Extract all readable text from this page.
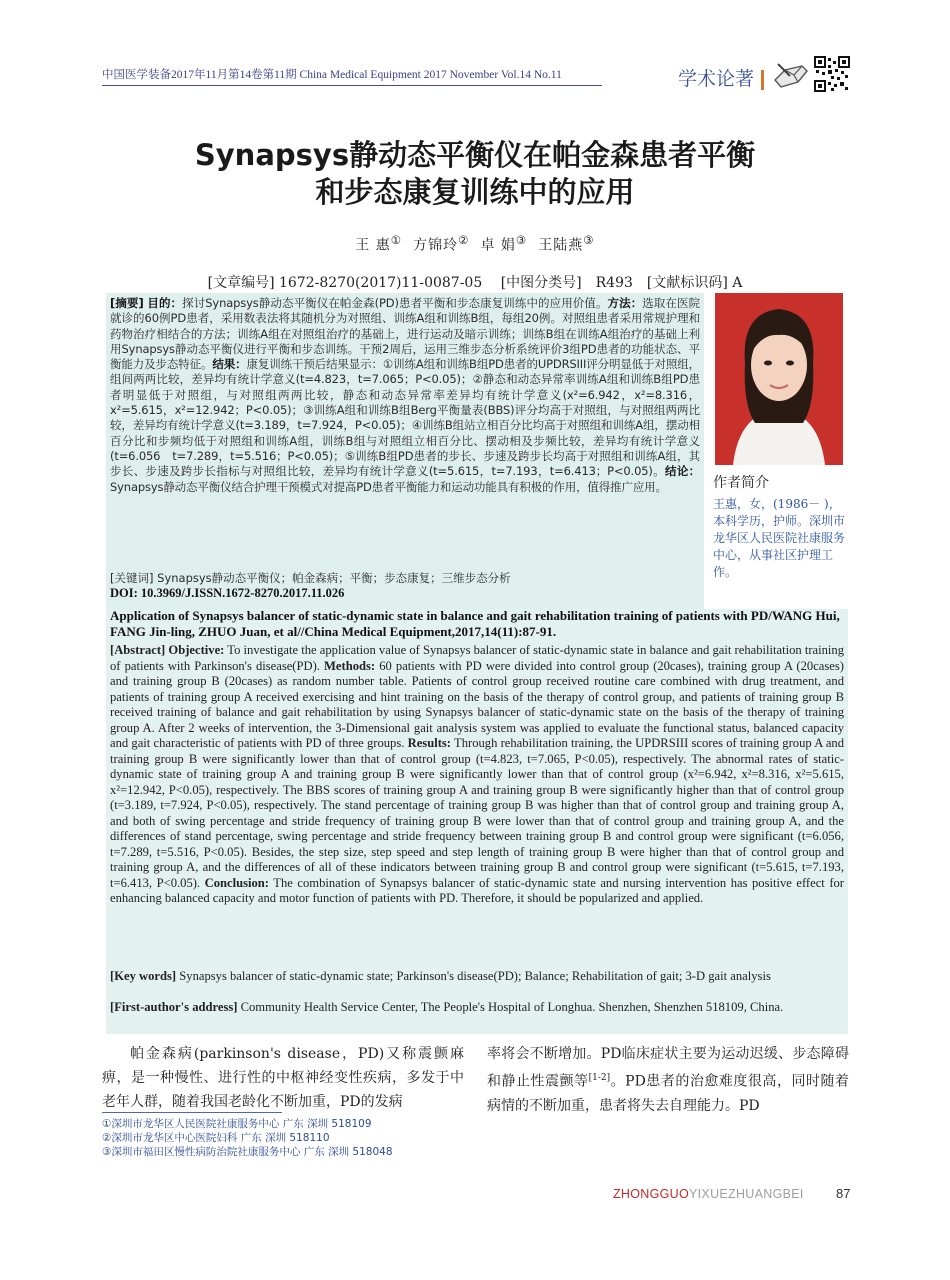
中国医学装备2017年11月第14卷第11期 China Medical Equipment 2017 November Vol.14 No.11	学术论著
Synapsys静动态平衡仪在帕金森患者平衡
和步态康复训练中的应用
王 惠① 方锦玲② 卓 娟③ 王陆燕③
[文章编号] 1672-8270(2017)11-0087-05　 [中图分类号]　R493　[文献标识码] A
[摘要] 目的：探讨Synapsys静动态平衡仪在帕金森(PD)患者平衡和步态康复训练中的应用价值。方法：选取在医院就诊的60例PD患者，采用数表法将其随机分为对照组、训练A组和训练B组，每组20例。对照组患者采用常规护理和药物治疗相结合的方法；训练A组在对照组治疗的基础上，进行运动及暗示训练；训练B组在训练A组治疗的基础上利用Synapsys静动态平衡仪进行平衡和步态训练。干预2周后，运用三维步态分析系统评价3组PD患者的功能状态、平衡能力及步态特征。结果：康复训练干预后结果显示：①训练A组和训练B组PD患者的UPDRSIII评分明显低于对照组，组间两两比较，差异均有统计学意义(t=4.823，t=7.065；P<0.05)；②静态和动态异常率训练A组和训练B组PD患者明显低于对照组，与对照组两两比较，静态和动态异常率差异均有统计学意义(x²=6.942，x²=8.316，x²=5.615，x²=12.942；P<0.05)；③训练A组和训练B组Berg平衡量表(BBS)评分均高于对照组，与对照组两两比较，差异均有统计学意义(t=3.189，t=7.924，P<0.05)；④训练B组站立相百分比均高于对照组和训练A组，摆动相百分比和步频均低于对照组和训练A组，训练B组与对照组立相百分比、摆动相及步频比较，差异均有统计学意义(t=6.056　t=7.289，t=5.516；P<0.05)；⑤训练B组PD患者的步长、步速及跨步长均高于对照组和训练A组，其步长、步速及跨步长指标与对照组比较，差异均有统计学意义(t=5.615，t=7.193，t=6.413；P<0.05)。结论：Synapsys静动态平衡仪结合护理干预模式对提高PD患者平衡能力和运动功能具有积极的作用，值得推广应用。
[关键词] Synapsys静动态平衡仪；帕金森病；平衡；步态康复；三维步态分析
DOI: 10.3969/J.ISSN.1672-8270.2017.11.026
作者简介
王惠，女，(1986－ )，本科学历，护师。深圳市龙华区人民医院社康服务中心，从事社区护理工作。
Application of Synapsys balancer of static-dynamic state in balance and gait rehabilitation training of patients with PD/WANG Hui, FANG Jin-ling, ZHUO Juan, et al//China Medical Equipment,2017,14(11):87-91.
[Abstract] Objective: To investigate the application value of Synapsys balancer of static-dynamic state in balance and gait rehabilitation training of patients with Parkinson's disease(PD). Methods: 60 patients with PD were divided into control group (20cases), training group A (20cases) and training group B (20cases) as random number table. Patients of control group received routine care combined with drug treatment, and patients of training group A received exercising and hint training on the basis of the therapy of control group, and patients of training group B received training of balance and gait rehabilitation by using Synapsys balancer of static-dynamic state on the basis of the therapy of training group A. After 2 weeks of intervention, the 3-Dimensional gait analysis system was applied to evaluate the functional status, balanced capacity and gait characteristic of patients with PD of three groups. Results: Through rehabilitation training, the UPDRSIII scores of training group A and training group B were significantly lower than that of control group (t=4.823, t=7.065, P<0.05), respectively. The abnormal rates of static-dynamic state of training group A and training group B were significantly lower than that of control group (x²=6.942, x²=8.316, x²=5.615, x²=12.942, P<0.05), respectively. The BBS scores of training group A and training group B were significantly higher than that of control group (t=3.189, t=7.924, P<0.05), respectively. The stand percentage of training group B was higher than that of control group and training group A, and both of swing percentage and stride frequency of training group B were lower than that of control group and training group A, and the differences of stand percentage, swing percentage and stride frequency between training group B and control group were significant (t=6.056, t=7.289, t=5.516, P<0.05). Besides, the step size, step speed and step length of training group B were higher than that of control group and training group A, and the differences of all of these indicators between training group B and control group were significant (t=5.615, t=7.193, t=6.413, P<0.05). Conclusion: The combination of Synapsys balancer of static-dynamic state and nursing intervention has positive effect for enhancing balanced capacity and motor function of patients with PD. Therefore, it should be popularized and applied.
[Key words] Synapsys balancer of static-dynamic state; Parkinson's disease(PD); Balance; Rehabilitation of gait; 3-D gait analysis
[First-author's address] Community Health Service Center, The People's Hospital of Longhua. Shenzhen, Shenzhen 518109, China.
帕金森病(parkinson's disease，PD)又称震颤麻痹，是一种慢性、进行性的中枢神经变性疾病，多发于中老年人群，随着我国老龄化不断加重，PD的发病
率将会不断增加。PD临床症状主要为运动迟缓、步态障碍和静止性震颤等[1-2]。PD患者的治愈难度很高，同时随着病情的不断加重，患者将失去自理能力。PD
①深圳市龙华区人民医院社康服务中心 广东 深圳 518109
②深圳市龙华区中心医院妇科 广东 深圳 518110
③深圳市福田区慢性病防治院社康服务中心 广东 深圳 518048
ZHONGGUOYIXUEZHUANGBEI 87
